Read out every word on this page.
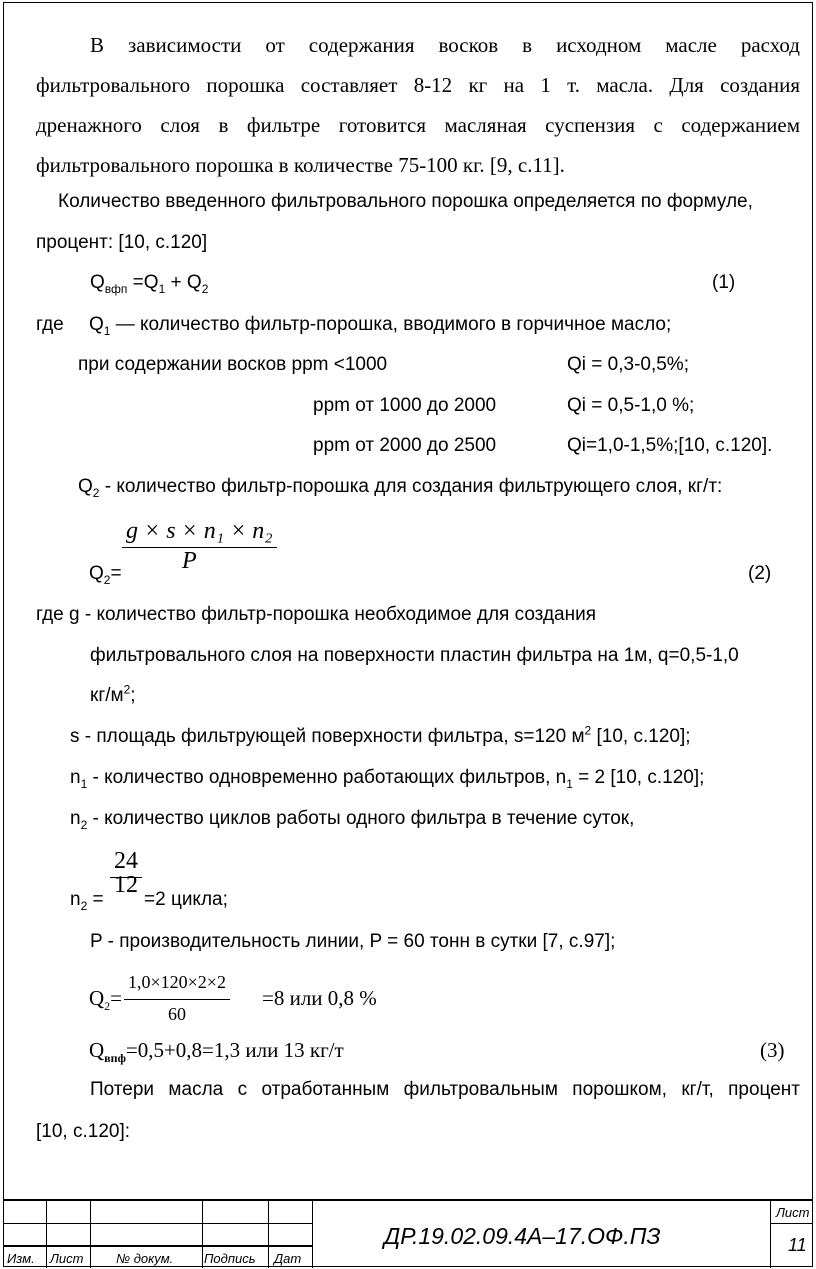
В зависимости от содержания восков в исходном масле расход
фильтровального порошка составляет 8-12 кг на 1 т. масла. Для создания
дренажного слоя в фильтре готовится масляная суспензия с содержанием
фильтровального порошка в количестве 75-100 кг. [9, с.11].
Количество введенного фильтровального порошка определяется по формуле,
процент: [10, с.120]
$Q_{вфп} =Q_1 + Q_2$	(1)
где $Q_1$ — количество фильтр-порошка, вводимого в горчичное масло;
при содержании восков ppm <1000	Qi = 0,3-0,5%;
ppm от 1000 до 2000	Qi = 0,5-1,0 %;
ppm от 2000 до 2500	Qi=1,0-1,5%;[10, с.120].
$Q_2$ - количество фильтр-порошка для создания фильтрующего слоя, кг/т:
$\frac{\text{g × s × n₁ × n₂}}{P}$
$Q_2=$	(2)
где g - количество фильтр-порошка необходимое для создания
фильтровального слоя на поверхности пластин фильтра на 1м, q=0,5-1,0
$кг/м^2$;
s - площадь фильтрующей поверхности фильтра, s=120 $м^2$ [10, с.120];
$n_1$ - количество одновременно работающих фильтров, $n_1 = 2$ [10, с.120];
$n_2$ - количество циклов работы одного фильтра в течение суток,
$\frac{24}{12}$
$n_2 = =2$ цикла;
P - производительность линии, P = 60 тонн в сутки [7, с.97];
$\frac{1,0\times 120\times 2\times 2}{60}$
$Q_2=$	=8 или 0,8 %
$Q_{впф}=0,5+0,8=1,3$ или 13 кг/т	(3)
Потери масла с отработанным фильтровальным порошком, кг/т, процент
[10, с.120]:
Изм. Лист	№ докум. Подпись Дат
ДР.19.02.09.4А–17.ОФ.ПЗ
Лист
11
